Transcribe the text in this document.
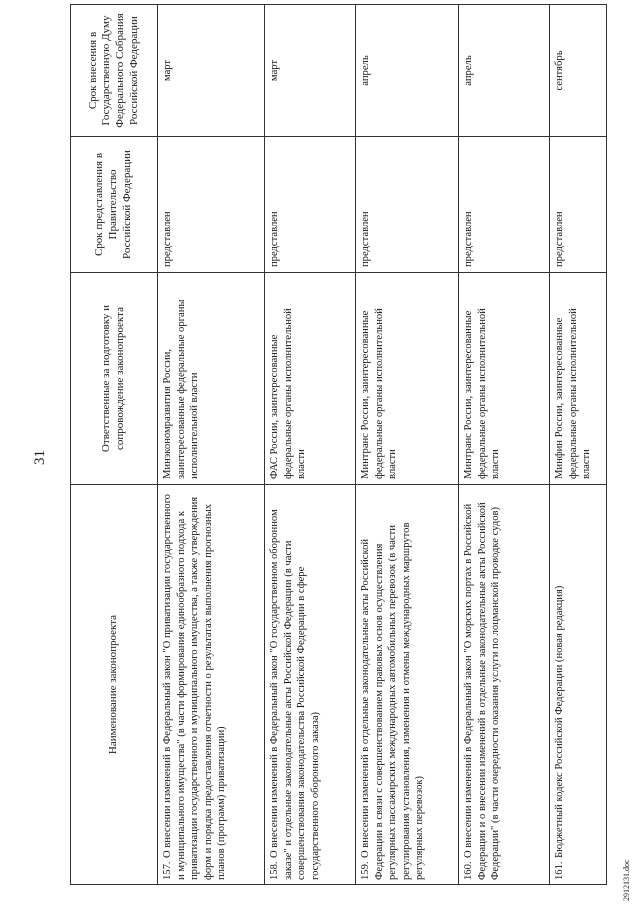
31
Наименование законопроекта	Ответственные за подготовку и сопровождение законопроекта	Срок представления в Правительство Российской Федерации	Срок внесения в Государственную Думу Федерального Собрания Российской Федерации
157.О внесении изменений в Федеральный закон "О приватизации государственного и муниципального имущества" (в части формирования единообразного подхода к приватизации государственного и муниципального имущества, а также утверждения форм и порядка предоставления отчетности о результатах выполнения прогнозных планов (программ) приватизации)	Минэкономразвития России, заинтересованные федеральные органы исполнительной власти	представлен	март
158.О внесении изменений в Федеральный закон "О государственном оборонном заказе" и отдельные законодательные акты Российской Федерации (в части совершенствования законодательства Российской Федерации в сфере государственного оборонного заказа)	ФАС России, заинтересованные федеральные органы исполнительной власти	представлен	март
159.О внесении изменений в отдельные законодательные акты Российской Федерации в связи с совершенствованием правовых основ осуществления регулярных пассажирских международных автомобильных перевозок (в части регулирования установления, изменения и отмены международных маршрутов регулярных перевозок)	Минтранс России, заинтересованные федеральные органы исполнительной власти	представлен	апрель
160.О внесении изменений в Федеральный закон "О морских портах в Российской Федерации и о внесении изменений в отдельные законодательные акты Российской Федерации" (в части очередности оказания услуги по лоцманской проводке судов)	Минтранс России, заинтересованные федеральные органы исполнительной власти	представлен	апрель
161.Бюджетный кодекс Российской Федерации (новая редакция)	Минфин России, заинтересованные федеральные органы исполнительной власти	представлен	сентябрь
2912131.doc
